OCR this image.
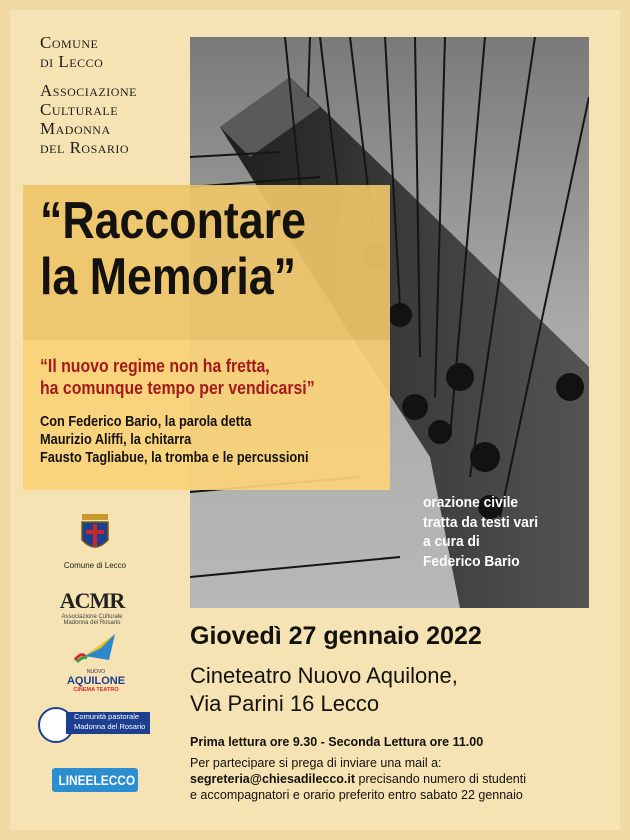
Comune
di Lecco
Associazione
Culturale
Madonna
del Rosario
“Raccontare
la Memoria”
“Il nuovo regime non ha fretta,
ha comunque tempo per vendicarsi”
Con Federico Bario, la parola detta
Maurizio Aliffi, la chitarra
Fausto Tagliabue, la tromba e le percussioni
orazione civile
tratta da testi vari
a cura di
Federico Bario
Comune di Lecco
ACMR
Associazione Culturale
Madonna del Rosario
NUOVO
AQUILONE
CINEMA TEATRO
Comunità pastorale
Madonna del Rosario
LINEELECCO
Giovedì 27 gennaio 2022
Cineteatro Nuovo Aquilone,
Via Parini 16 Lecco
Prima lettura ore 9.30 - Seconda Lettura ore 11.00
Per partecipare si prega di inviare una mail a:
segreteria@chiesadilecco.it precisando numero di studenti
e accompagnatori e orario preferito entro sabato 22 gennaio
